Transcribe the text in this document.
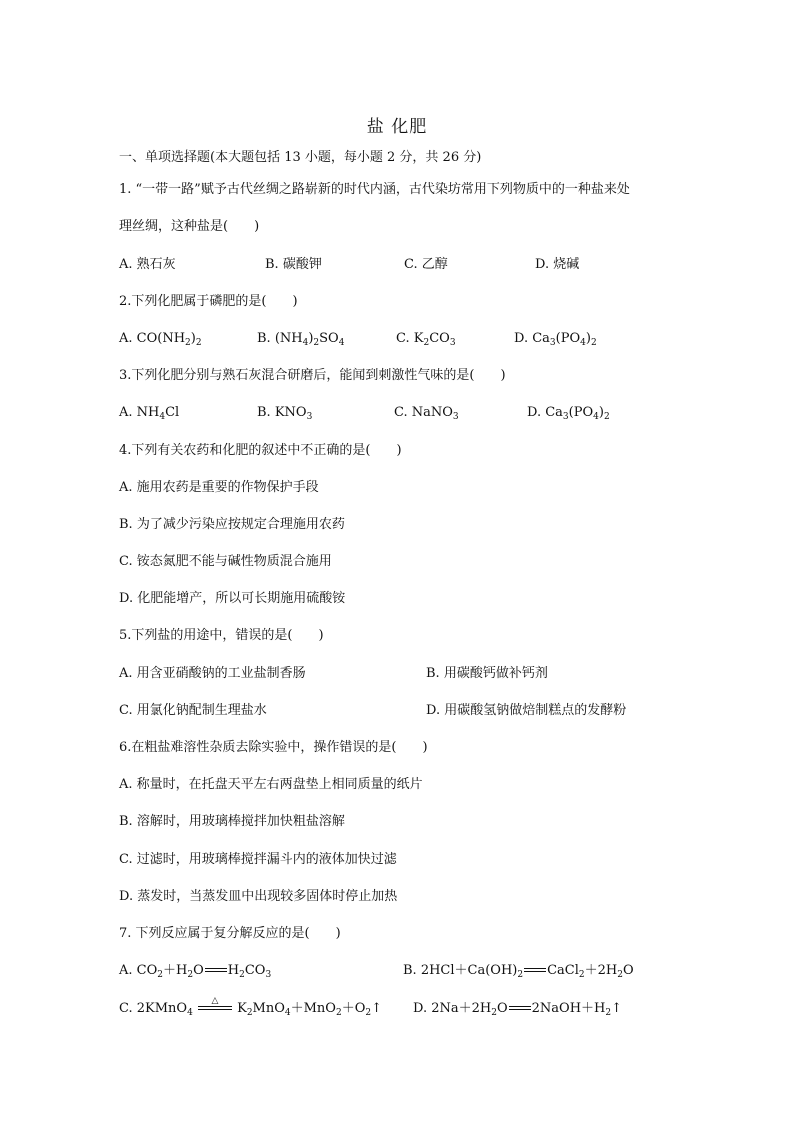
盐 化肥
一、单项选择题(本大题包括 13 小题，每小题 2 分，共 26 分)
1. “一带一路”赋予古代丝绸之路崭新的时代内涵，古代染坊常用下列物质中的一种盐来处
理丝绸，这种盐是(　　)
A. 熟石灰	B. 碳酸钾	C. 乙醇	D. 烧碱
2.下列化肥属于磷肥的是(　　)
A. $CO(NH_2)_2$	B. $(NH_4)_2SO_4$	C. $K_2CO_3$	D. $Ca_3(PO_4)_2$
3.下列化肥分别与熟石灰混合研磨后，能闻到刺激性气味的是(　　)
A. $NH_4Cl$	B. $KNO_3$	C. NaNO$_3$	D. $Ca_3(PO_4)_2$
4.下列有关农药和化肥的叙述中不正确的是(　　)
A. 施用农药是重要的作物保护手段
B. 为了减少污染应按规定合理施用农药
C. 铵态氮肥不能与碱性物质混合施用
D. 化肥能增产，所以可长期施用硫酸铵
5.下列盐的用途中，错误的是(　　)
A. 用含亚硝酸钠的工业盐制香肠	B. 用碳酸钙做补钙剂
C. 用氯化钠配制生理盐水	D. 用碳酸氢钠做焙制糕点的发酵粉
6.在粗盐难溶性杂质去除实验中，操作错误的是(　　)
A. 称量时，在托盘天平左右两盘垫上相同质量的纸片
B. 溶解时，用玻璃棒搅拌加快粗盐溶解
C. 过滤时，用玻璃棒搅拌漏斗内的液体加快过滤
D. 蒸发时，当蒸发皿中出现较多固体时停止加热
7. 下列反应属于复分解反应的是(　　)
A. $CO_2+H_2O$ $H_2CO_3$	B. $2HCl+Ca(OH)_2$ $CaCl_2+2H_2O$
C. 2KMnO$_4$
△
$K_2MnO_4+MnO_2+O_2↑$ D. $2Na+2H_2O$ $2NaOH+H_2↑$
